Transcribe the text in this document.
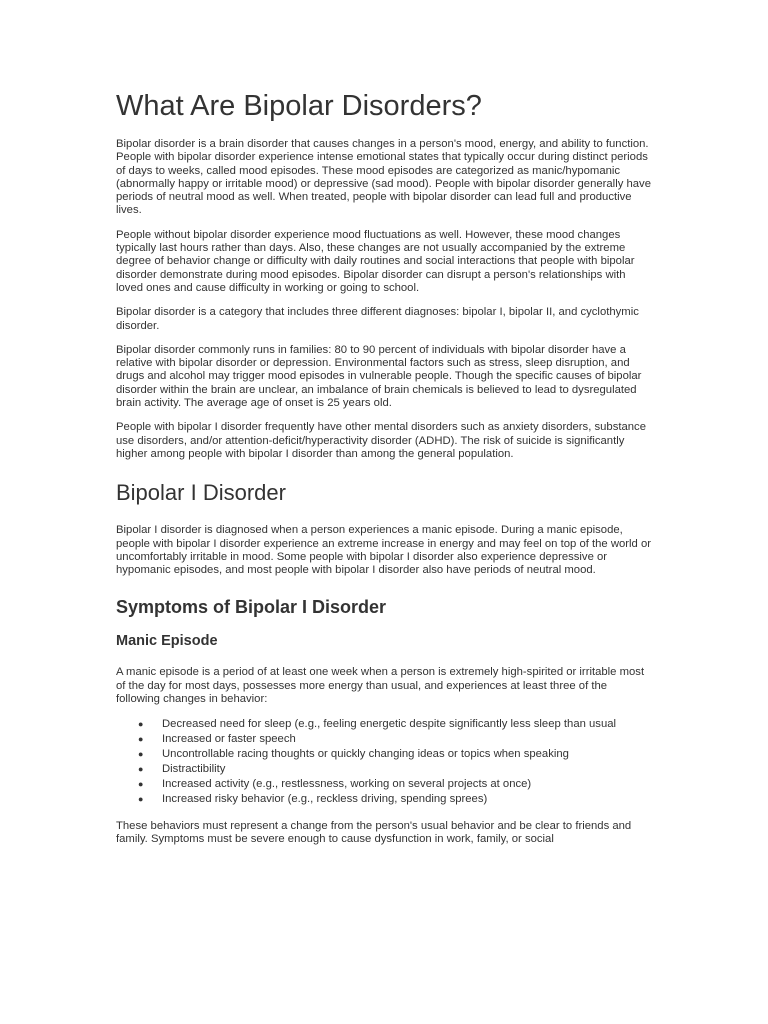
What Are Bipolar Disorders?

Bipolar disorder is a brain disorder that causes changes in a person's mood, energy, and ability to function. People with bipolar disorder experience intense emotional states that typically occur during distinct periods of days to weeks, called mood episodes. These mood episodes are categorized as manic/hypomanic (abnormally happy or irritable mood) or depressive (sad mood). People with bipolar disorder generally have periods of neutral mood as well. When treated, people with bipolar disorder can lead full and productive lives.

People without bipolar disorder experience mood fluctuations as well. However, these mood changes typically last hours rather than days. Also, these changes are not usually accompanied by the extreme degree of behavior change or difficulty with daily routines and social interactions that people with bipolar disorder demonstrate during mood episodes. Bipolar disorder can disrupt a person's relationships with loved ones and cause difficulty in working or going to school.

Bipolar disorder is a category that includes three different diagnoses: bipolar I, bipolar II, and cyclothymic disorder.

Bipolar disorder commonly runs in families: 80 to 90 percent of individuals with bipolar disorder have a relative with bipolar disorder or depression. Environmental factors such as stress, sleep disruption, and drugs and alcohol may trigger mood episodes in vulnerable people. Though the specific causes of bipolar disorder within the brain are unclear, an imbalance of brain chemicals is believed to lead to dysregulated brain activity. The average age of onset is 25 years old.

People with bipolar I disorder frequently have other mental disorders such as anxiety disorders, substance use disorders, and/or attention-deficit/hyperactivity disorder (ADHD). The risk of suicide is significantly higher among people with bipolar I disorder than among the general population.

Bipolar I Disorder

Bipolar I disorder is diagnosed when a person experiences a manic episode. During a manic episode, people with bipolar I disorder experience an extreme increase in energy and may feel on top of the world or uncomfortably irritable in mood. Some people with bipolar I disorder also experience depressive or hypomanic episodes, and most people with bipolar I disorder also have periods of neutral mood.

Symptoms of Bipolar I Disorder
Manic Episode

A manic episode is a period of at least one week when a person is extremely high-spirited or irritable most of the day for most days, possesses more energy than usual, and experiences at least three of the following changes in behavior:

● Decreased need for sleep (e.g., feeling energetic despite significantly less sleep than usual
● Increased or faster speech
● Uncontrollable racing thoughts or quickly changing ideas or topics when speaking
● Distractibility
● Increased activity (e.g., restlessness, working on several projects at once)
● Increased risky behavior (e.g., reckless driving, spending sprees)

These behaviors must represent a change from the person's usual behavior and be clear to friends and family. Symptoms must be severe enough to cause dysfunction in work, family, or social
